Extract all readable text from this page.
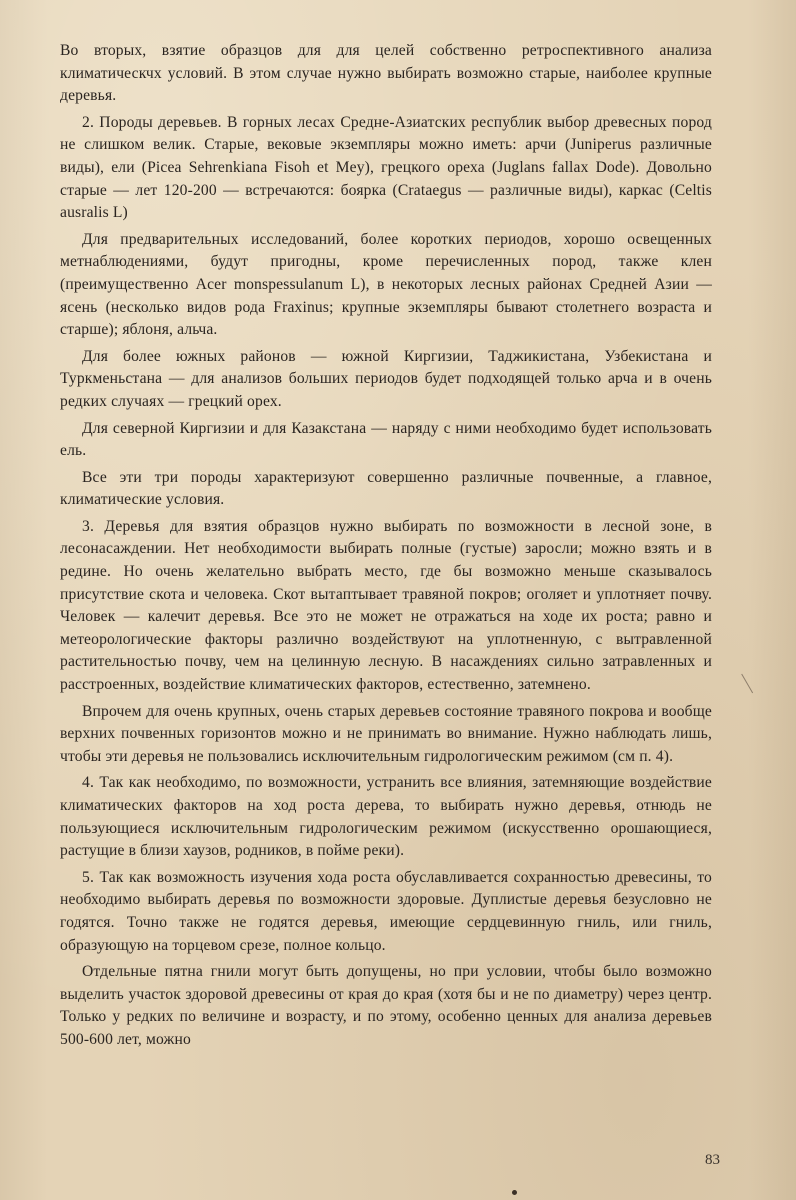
Во вторых, взятие образцов для для целей собственно ретроспективного анализа климатическчх условий. В этом случае нужно выбирать возможно старые, наиболее крупные деревья.

2. Породы деревьев. В горных лесах Средне-Азиатских республик выбор древесных пород не слишком велик. Старые, вековые экземпляры можно иметь: арчи (Juniperus различные виды), ели (Picea Sehrenkiana Fisoh et Mey), грецкого ореха (Juglans fallax Dode). Довольно старые — лет 120-200 — встречаются: боярка (Crataegus — различные виды), каркас (Celtis ausralis L)

Для предварительных исследований, более коротких периодов, хорошо освещенных метнаблюдениями, будут пригодны, кроме перечисленных пород, также клен (преимущественно Acer monspessulanum L), в некоторых лесных районах Средней Азии — ясень (несколько видов рода Fraxinus; крупные экземпляры бывают столетнего возраста и старше); яблоня, альча.

Для более южных районов — южной Киргизии, Таджикистана, Узбекистана и Туркменьстана — для анализов больших периодов будет подходящей только арча и в очень редких случаях — грецкий орех.

Для северной Киргизии и для Казакстана — наряду с ними необходимо будет использовать ель.

Все эти три породы характеризуют совершенно различные почвенные, а главное, климатические условия.

3. Деревья для взятия образцов нужно выбирать по возможности в лесной зоне, в лесонасаждении. Нет необходимости выбирать полные (густые) заросли; можно взять и в редине. Но очень желательно выбрать место, где бы возможно меньше сказывалось присутствие скота и человека. Скот вытаптывает травяной покров; оголяет и уплотняет почву. Человек — калечит деревья. Все это не может не отражаться на ходе их роста; равно и метеорологические факторы различно воздействуют на уплотненную, с вытравленной растительностью почву, чем на целинную лесную. В насаждениях сильно затравленных и расстроенных, воздействие климатических факторов, естественно, затемнено.

Впрочем для очень крупных, очень старых деревьев состояние травяного покрова и вообще верхних почвенных горизонтов можно и не принимать во внимание. Нужно наблюдать лишь, чтобы эти деревья не пользовались исключительным гидрологическим режимом (см п. 4).

4. Так как необходимо, по возможности, устранить все влияния, затемняющие воздействие климатических факторов на ход роста дерева, то выбирать нужно деревья, отнюдь не пользующиеся исключительным гидрологическим режимом (искусственно орошающиеся, растущие в близи хаузов, родников, в пойме реки).

5. Так как возможность изучения хода роста обуславливается сохранностью древесины, то необходимо выбирать деревья по возможности здоровые. Дуплистые деревья безусловно не годятся. Точно также не годятся деревья, имеющие сердцевинную гниль, или гниль, образующую на торцевом срезе, полное кольцо.

Отдельные пятна гнили могут быть допущены, но при условии, чтобы было возможно выделить участок здоровой древесины от края до края (хотя бы и не по диаметру) через центр. Только у редких по величине и возрасту, и по этому, особенно ценных для анализа деревьев 500-600 лет, можно

83
